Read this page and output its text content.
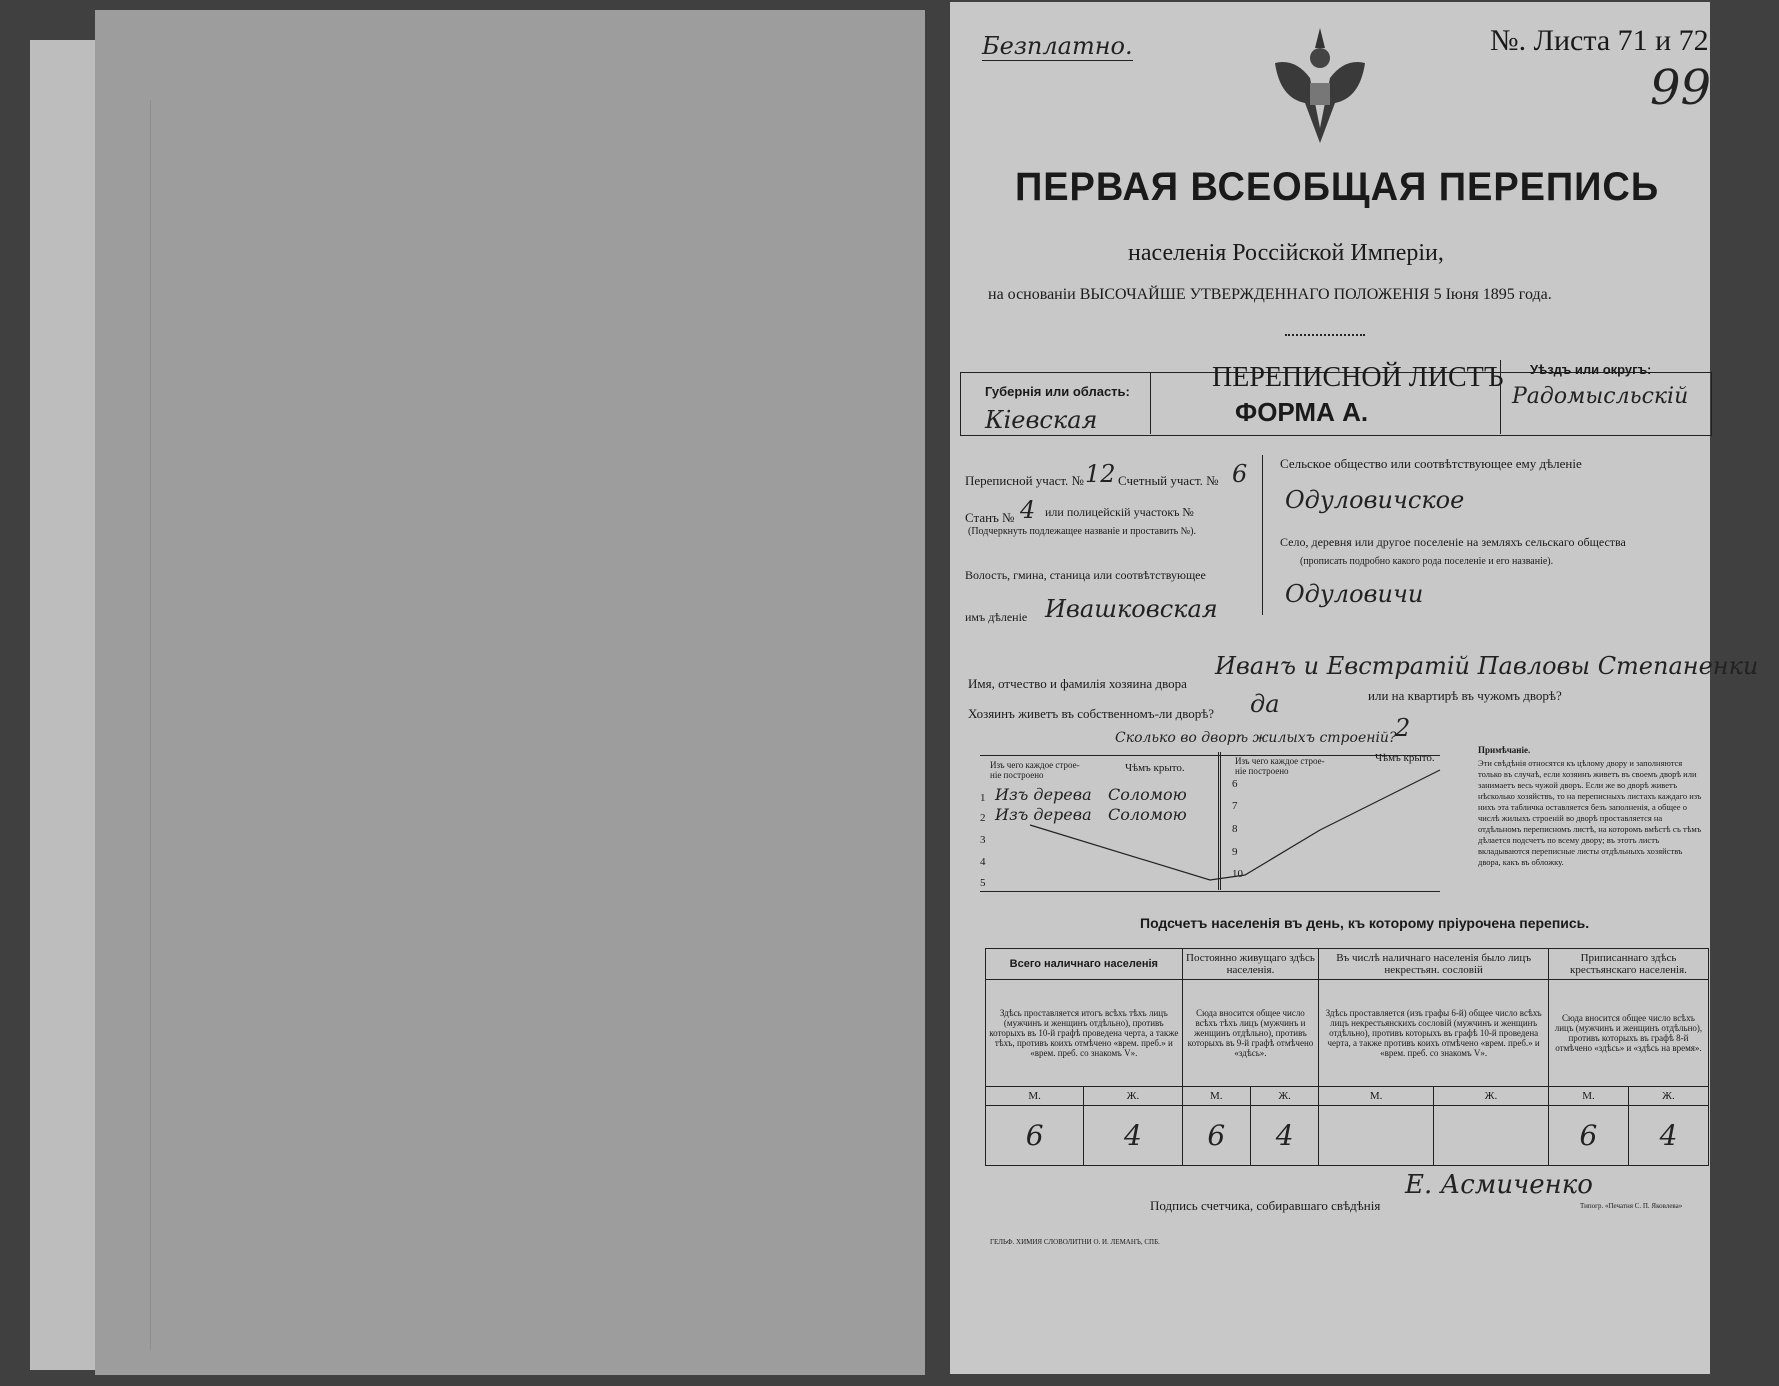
Безплатно.	№. Листа 71 и 72
99
ПЕРВАЯ ВСЕОБЩАЯ ПЕРЕПИСЬ
населенія Россійской Имперіи,
на основаніи ВЫСОЧАЙШЕ УТВЕРЖДЕННАГО ПОЛОЖЕНІЯ 5 Іюня 1895 года.
Губернія или область:
Кіевская
ПЕРЕПИСНОЙ ЛИСТЪ
ФОРМА А.
Уѣздъ или округъ:
Радомысльскій
Переписной участ. № 12 Счетный участ. № 6
Станъ № 4 или полицейскій участокъ №
(Подчеркнуть подлежащее названіе и проставить №).
Волость, гмина, станица или соотвѣтствующее
имъ дѣленіе Ивашковская
Сельское общество или соотвѣтствующее ему дѣленіе
Одуловичское
Село, деревня или другое поселеніе на земляхъ сельскаго общества
(прописать подробно какого рода поселеніе и его названіе).
Одуловичи
Имя, отчество и фамилія хозяина двора
Иванъ и Евстратій Павловы Степаненки
Хозяинъ живетъ въ собственномъ-ли дворѣ? да	или на квартирѣ въ чужомъ дворѣ?
Сколько во дворѣ жилыхъ строеній?
2
Изъ чего каждое строе-ніе построено
Чѣмъ крыто.
Изъ чего каждое строе-ніе построено
Чѣмъ крыто.
1 Изъ дерева Соломою
2 Изъ дерева Соломою
3
4
5
6
7
8
9
10
Примѣчаніе.
Эти свѣдѣнія относятся къ цѣлому двору и заполняются только въ случаѣ, если хозяинъ живетъ въ своемъ дворѣ или занимаетъ весь чужой дворъ. Если же во дворѣ живетъ нѣсколько хозяйствъ, то на переписныхъ листахъ каждаго изъ нихъ эта табличка оставляется безъ заполненія, а общее о числѣ жилыхъ строеній во дворѣ проставляется на отдѣльномъ переписномъ листѣ, на которомъ вмѣстѣ съ тѣмъ дѣлается подсчетъ по всему двору; въ этотъ листъ вкладываются переписные листы отдѣльныхъ хозяйствъ двора, какъ въ обложку.
Подсчетъ населенія въ день, къ которому пріурочена перепись.
Всего наличнаго населенія		Постоянно живущаго здѣсь населенія.		Въ числѣ наличнаго населенія было лицъ некрестьян. сословій		Приписаннаго здѣсь крестьянскаго населенія.	
Здѣсь проставляется итогъ всѣхъ тѣхъ лицъ (мужчинъ и женщинъ отдѣльно), противъ которыхъ въ 10-й графѣ проведена черта, а также тѣхъ, противъ коихъ отмѣчено «врем. преб.» и «врем. преб. со знакомъ V».		Сюда вносится общее число всѣхъ тѣхъ лицъ (мужчинъ и женщинъ отдѣльно), противъ которыхъ въ 9-й графѣ отмѣчено «здѣсь».		Здѣсь проставляется (изъ графы 6-й) общее число всѣхъ лицъ некрестьянскихъ сословій (мужчинъ и женщинъ отдѣльно), противъ которыхъ въ графѣ 10-й проведена черта, а также противъ коихъ отмѣчено «врем. преб.» и «врем. преб. со знакомъ V».		Сюда вносится общее число всѣхъ лицъ (мужчинъ и женщинъ отдѣльно), противъ которыхъ въ графѣ 8-й отмѣчено «здѣсь» и «здѣсь на время».	
М.	Ж.	М.	Ж.	М.	Ж.	М.	Ж.
6	4	6	4			6	4
Подпись счетчика, собиравшаго свѣдѣнія
Е. Асмиченко
ГЕЛЬФ. ХИМИЯ СЛОВОЛИТНИ О. И. ЛЕМАНЪ, СПБ.
Типогр. «Печатня С. П. Яковлева»
